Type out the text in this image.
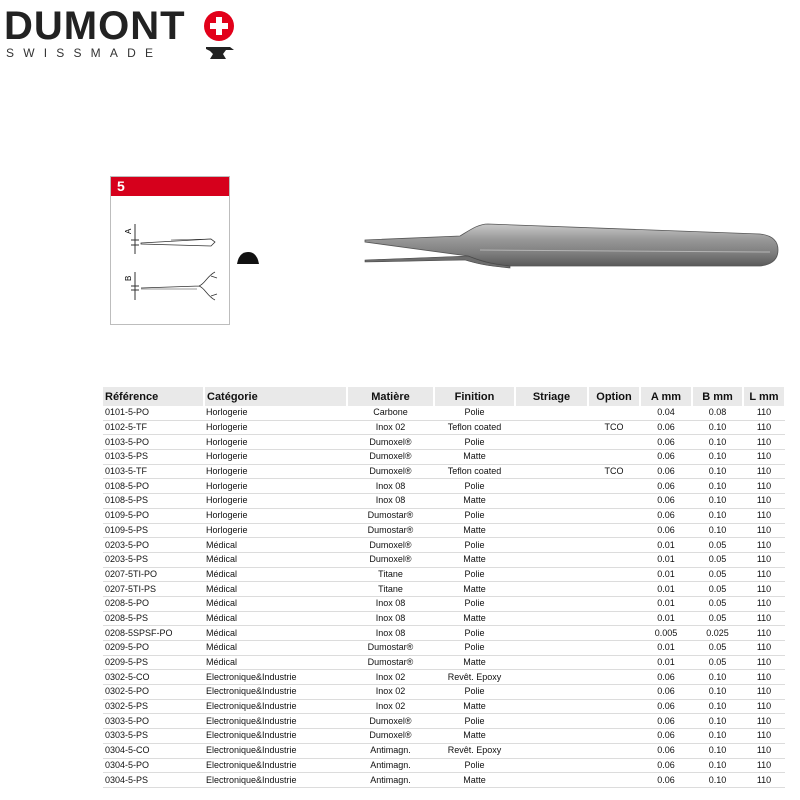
DUMONT
SWISSMADE
5
A
B
Référence	Catégorie	Matière	Finition	Striage	Option	A mm	B mm	L mm
0101-5-PO	Horlogerie	Carbone	Polie			0.04	0.08	110
0102-5-TF	Horlogerie	Inox 02	Teflon coated		TCO	0.06	0.10	110
0103-5-PO	Horlogerie	Dumoxel®	Polie			0.06	0.10	110
0103-5-PS	Horlogerie	Dumoxel®	Matte			0.06	0.10	110
0103-5-TF	Horlogerie	Dumoxel®	Teflon coated		TCO	0.06	0.10	110
0108-5-PO	Horlogerie	Inox 08	Polie			0.06	0.10	110
0108-5-PS	Horlogerie	Inox 08	Matte			0.06	0.10	110
0109-5-PO	Horlogerie	Dumostar®	Polie			0.06	0.10	110
0109-5-PS	Horlogerie	Dumostar®	Matte			0.06	0.10	110
0203-5-PO	Médical	Dumoxel®	Polie			0.01	0.05	110
0203-5-PS	Médical	Dumoxel®	Matte			0.01	0.05	110
0207-5TI-PO	Médical	Titane	Polie			0.01	0.05	110
0207-5TI-PS	Médical	Titane	Matte			0.01	0.05	110
0208-5-PO	Médical	Inox 08	Polie			0.01	0.05	110
0208-5-PS	Médical	Inox 08	Matte			0.01	0.05	110
0208-5SPSF-PO	Médical	Inox 08	Polie			0.005	0.025	110
0209-5-PO	Médical	Dumostar®	Polie			0.01	0.05	110
0209-5-PS	Médical	Dumostar®	Matte			0.01	0.05	110
0302-5-CO	Electronique&Industrie	Inox 02	Revêt. Epoxy			0.06	0.10	110
0302-5-PO	Electronique&Industrie	Inox 02	Polie			0.06	0.10	110
0302-5-PS	Electronique&Industrie	Inox 02	Matte			0.06	0.10	110
0303-5-PO	Electronique&Industrie	Dumoxel®	Polie			0.06	0.10	110
0303-5-PS	Electronique&Industrie	Dumoxel®	Matte			0.06	0.10	110
0304-5-CO	Electronique&Industrie	Antimagn.	Revêt. Epoxy			0.06	0.10	110
0304-5-PO	Electronique&Industrie	Antimagn.	Polie			0.06	0.10	110
0304-5-PS	Electronique&Industrie	Antimagn.	Matte			0.06	0.10	110
